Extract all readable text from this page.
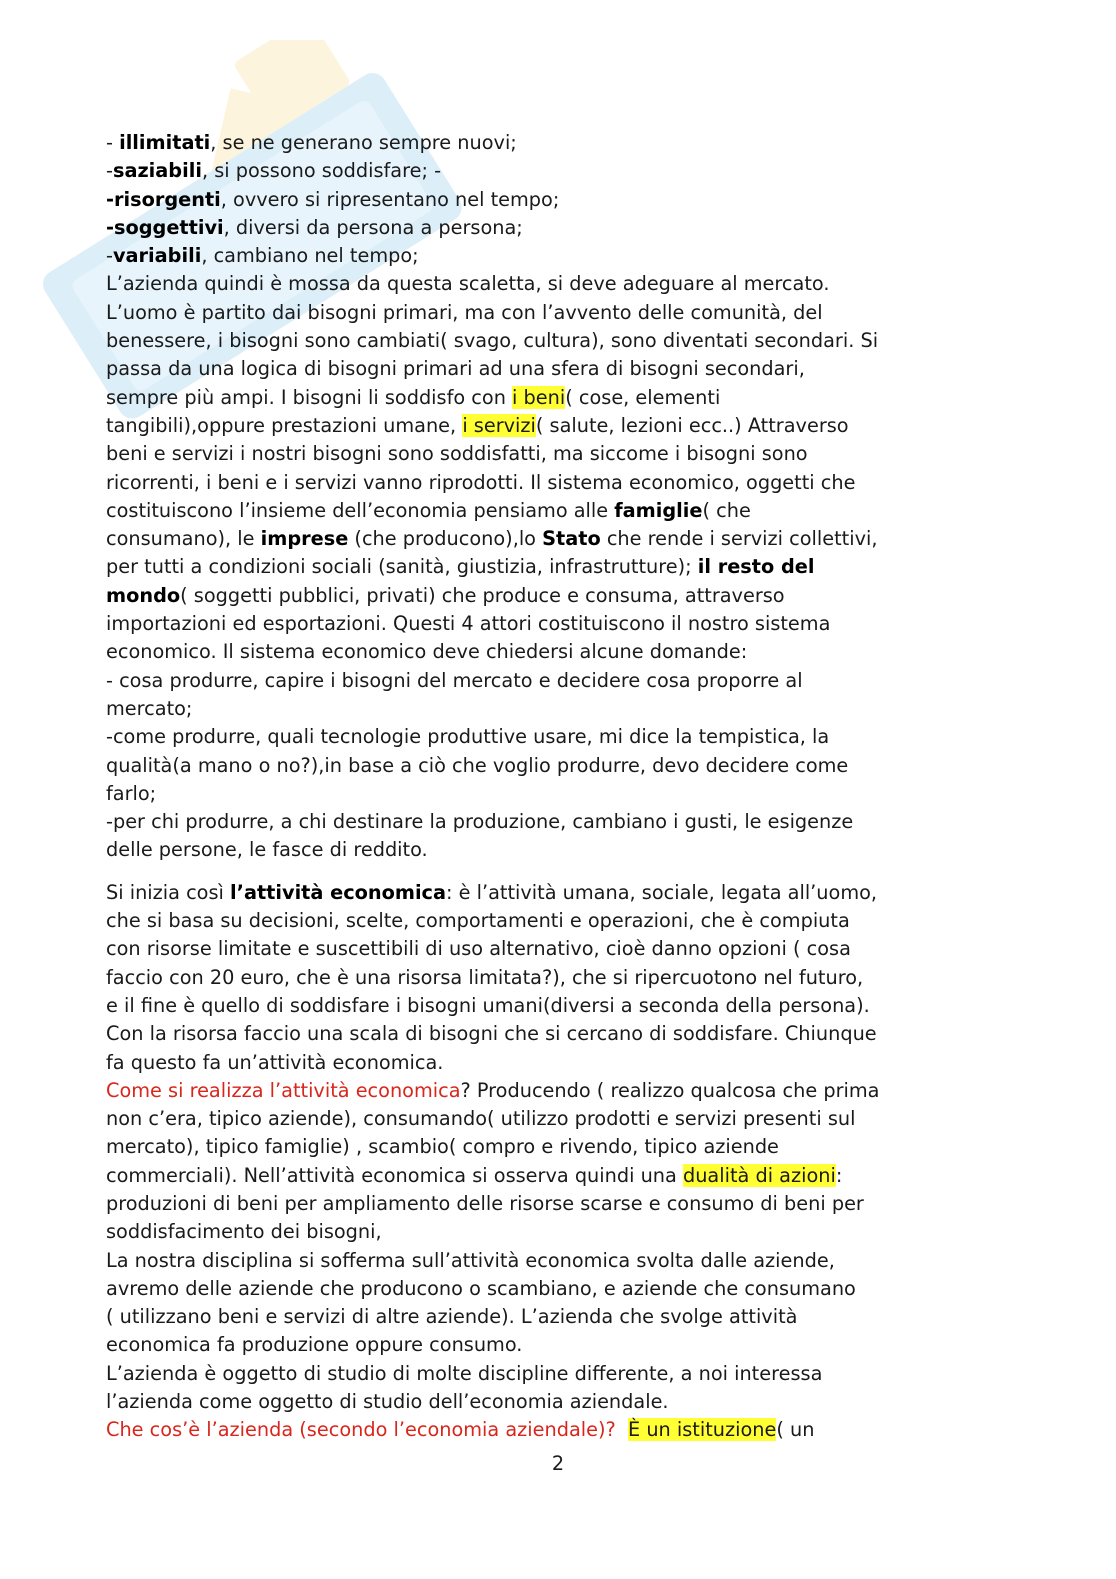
- illimitati, se ne generano sempre nuovi;
-saziabili, si possono soddisfare; -
-risorgenti, ovvero si ripresentano nel tempo;
-soggettivi, diversi da persona a persona;
-variabili, cambiano nel tempo;
L’azienda quindi è mossa da questa scaletta, si deve adeguare al mercato.
L’uomo è partito dai bisogni primari, ma con l’avvento delle comunità, del
benessere, i bisogni sono cambiati( svago, cultura), sono diventati secondari. Si
passa da una logica di bisogni primari ad una sfera di bisogni secondari,
sempre più ampi. I bisogni li soddisfo con i beni( cose, elementi
tangibili),oppure prestazioni umane, i servizi( salute, lezioni ecc..) Attraverso
beni e servizi i nostri bisogni sono soddisfatti, ma siccome i bisogni sono
ricorrenti, i beni e i servizi vanno riprodotti. Il sistema economico, oggetti che
costituiscono l’insieme dell’economia pensiamo alle famiglie( che
consumano), le imprese (che producono),lo Stato che rende i servizi collettivi,
per tutti a condizioni sociali (sanità, giustizia, infrastrutture); il resto del
mondo( soggetti pubblici, privati) che produce e consuma, attraverso
importazioni ed esportazioni. Questi 4 attori costituiscono il nostro sistema
economico. Il sistema economico deve chiedersi alcune domande:
- cosa produrre, capire i bisogni del mercato e decidere cosa proporre al
mercato;
-come produrre, quali tecnologie produttive usare, mi dice la tempistica, la
qualità(a mano o no?),in base a ciò che voglio produrre, devo decidere come
farlo;
-per chi produrre, a chi destinare la produzione, cambiano i gusti, le esigenze
delle persone, le fasce di reddito.
Si inizia così l’attività economica: è l’attività umana, sociale, legata all’uomo,
che si basa su decisioni, scelte, comportamenti e operazioni, che è compiuta
con risorse limitate e suscettibili di uso alternativo, cioè danno opzioni ( cosa
faccio con 20 euro, che è una risorsa limitata?), che si ripercuotono nel futuro,
e il fine è quello di soddisfare i bisogni umani(diversi a seconda della persona).
Con la risorsa faccio una scala di bisogni che si cercano di soddisfare. Chiunque
fa questo fa un’attività economica.
Come si realizza l’attività economica? Producendo ( realizzo qualcosa che prima
non c’era, tipico aziende), consumando( utilizzo prodotti e servizi presenti sul
mercato), tipico famiglie) , scambio( compro e rivendo, tipico aziende
commerciali). Nell’attività economica si osserva quindi una dualità di azioni:
produzioni di beni per ampliamento delle risorse scarse e consumo di beni per
soddisfacimento dei bisogni,
La nostra disciplina si sofferma sull’attività economica svolta dalle aziende,
avremo delle aziende che producono o scambiano, e aziende che consumano
( utilizzano beni e servizi di altre aziende). L’azienda che svolge attività
economica fa produzione oppure consumo.
L’azienda è oggetto di studio di molte discipline differente, a noi interessa
l’azienda come oggetto di studio dell’economia aziendale.
Che cos’è l’azienda (secondo l’economia aziendale)? È un istituzione( un
2
